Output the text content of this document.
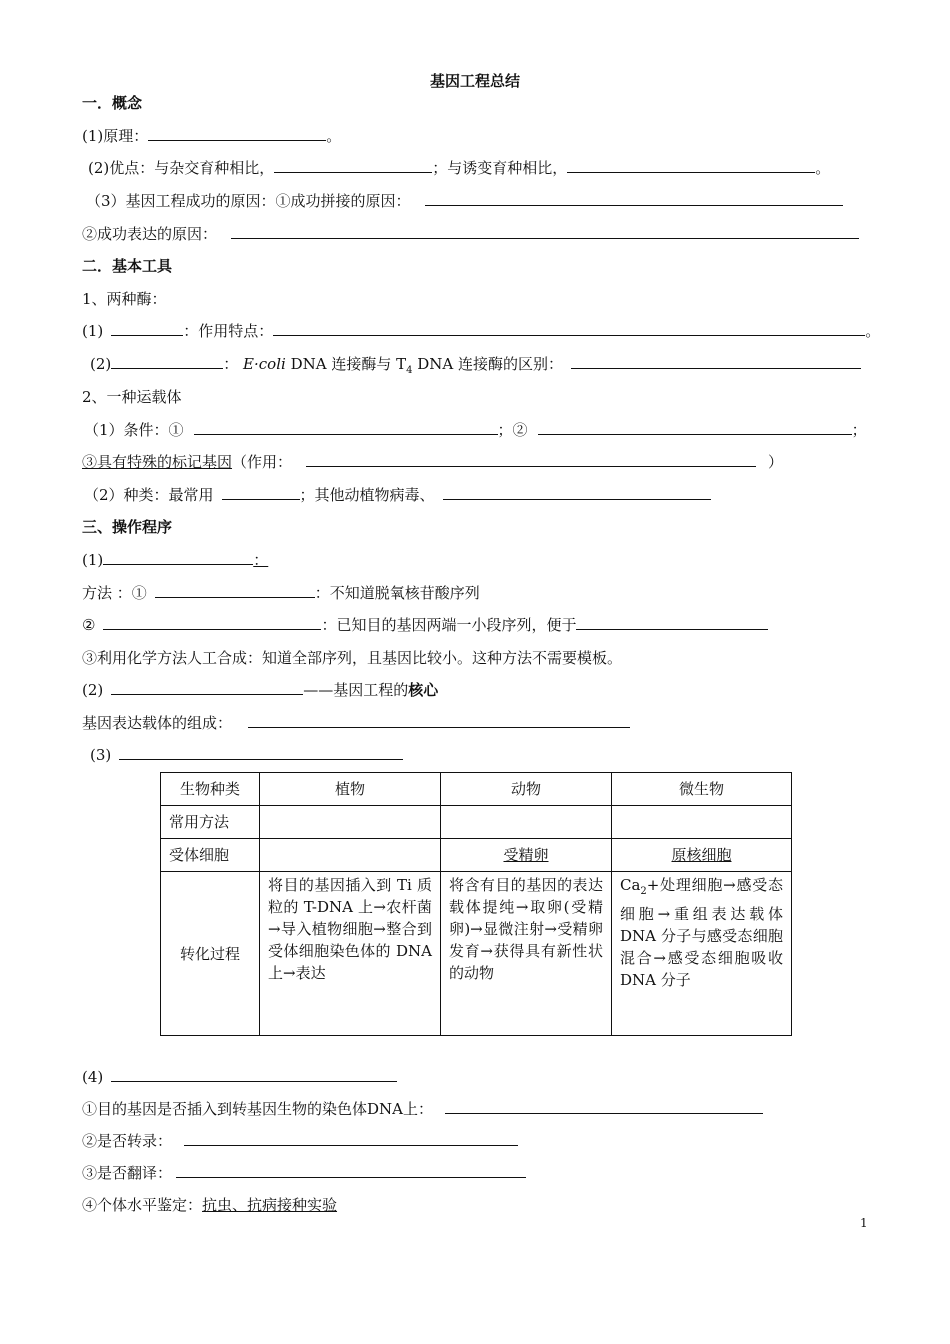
基因工程总结
一．概念
(1)原理：	。
(2)优点：与杂交育种相比，	；与诱变育种相比，	。
（3）基因工程成功的原因：①成功拼接的原因：
②成功表达的原因：
二．基本工具
1、两种酶：
(1)	：作用特点：	。
(2)	： E·coli DNA 连接酶与 $T_4$ DNA 连接酶的区别：
2、一种运载体
（1）条件：①	；②	；
③具有特殊的标记基因（作用：	）
（2）种类：最常用	；其他动植物病毒、
三、操作程序
(1)	：
方法 ：①	：不知道脱氧核苷酸序列
②	：已知目的基因两端一小段序列，便于
③利用化学方法人工合成：知道全部序列，且基因比较小。这种方法不需要模板。
(2)	——基因工程的核心
基因表达载体的组成：
(3)
生物种类	植物	动物	微生物
常用方法			
受体细胞		受精卵	原核细胞
转化过程	将目的基因插入到 Ti 质粒的 T-DNA 上→农杆菌→导入植物细胞→整合到受体细胞染色体的 DNA 上→表达	将含有目的基因的表达载体提纯→取卵(受精卵)→显微注射→受精卵发育→获得具有新性状的动物	$Ca_2+$处理细胞→感受态细胞→重组表达载体 DNA 分子与感受态细胞混合→感受态细胞吸收 DNA 分子
(4)
①目的基因是否插入到转基因生物的染色体DNA上：
②是否转录：
③是否翻译：
④个体水平鉴定：抗虫、抗病接种实验
1
